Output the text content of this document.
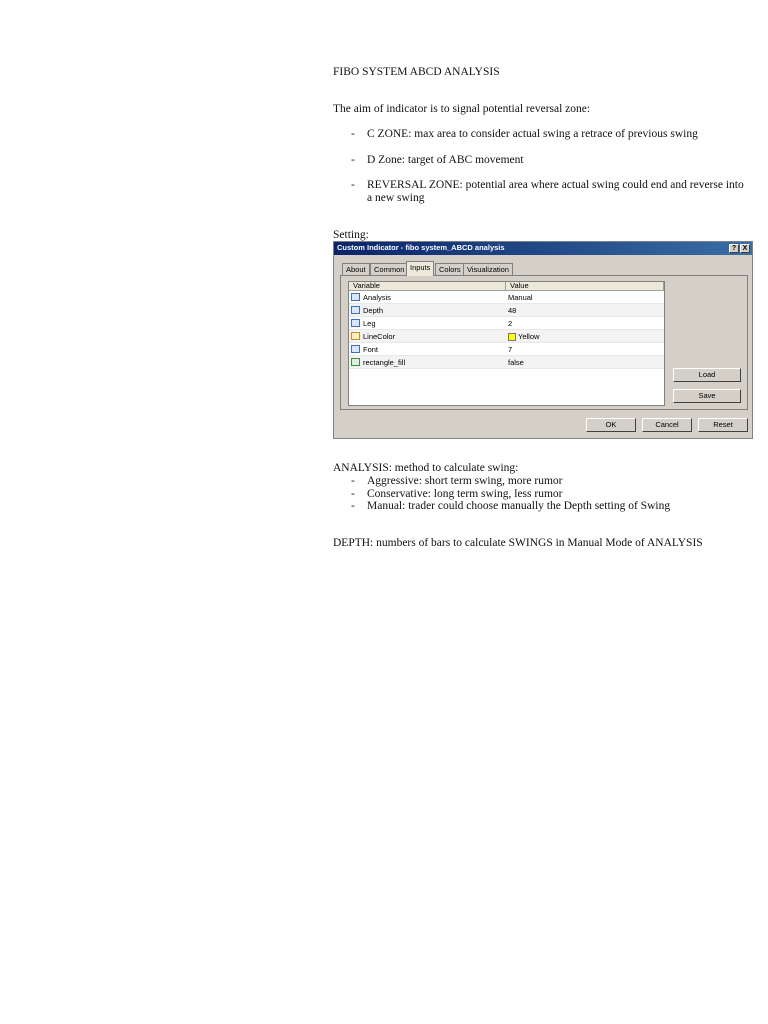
FIBO SYSTEM ABCD ANALYSIS
The aim of indicator is to signal potential reversal zone:
- C ZONE: max area to consider actual swing a retrace of previous swing
- D Zone: target of ABC movement
- REVERSAL ZONE: potential area where actual swing could end and reverse into
a new swing
Setting:
ANALYSIS: method to calculate swing:
- Aggressive: short term swing, more rumor
- Conservative: long term swing, less rumor
- Manual: trader could choose manually the Depth setting of Swing
DEPTH: numbers of bars to calculate SWINGS in Manual Mode of ANALYSIS
Custom Indicator - fibo system_ABCD analysis	? X
About	Common Inputs	Colors Visualization
Variable	Value
Analysis	Manual
Depth	48
Leg	2
LineColor	Yellow
Font	7
rectangle_fill	false
Load
Save
OK	Cancel	Reset
